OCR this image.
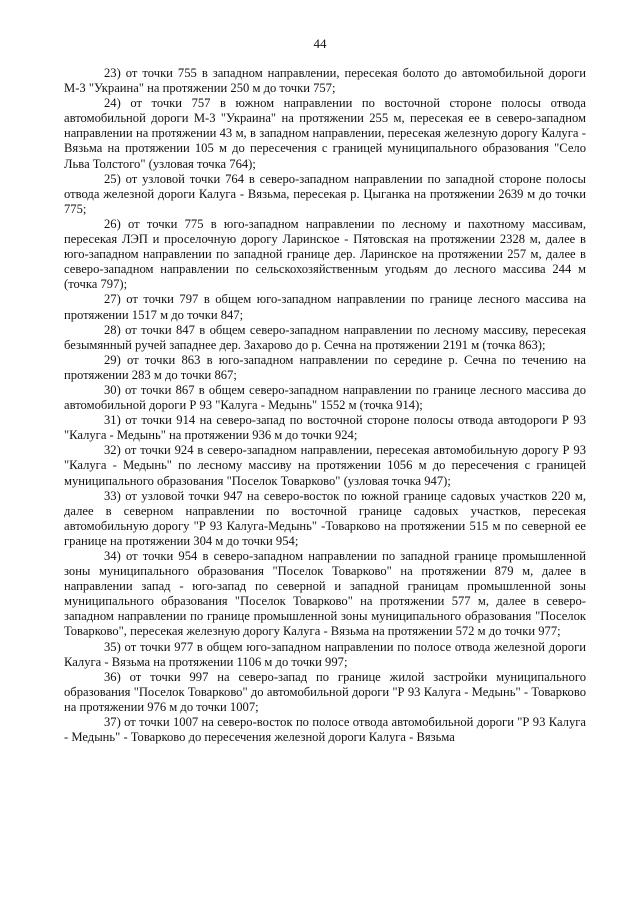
44

23) от точки 755 в западном направлении, пересекая болото до автомобильной дороги М-3 "Украина" на протяжении 250 м до точки 757;

24) от точки 757 в южном направлении по восточной стороне полосы отвода автомобильной дороги М-3 "Украина" на протяжении 255 м, пересекая ее в северо-западном направлении на протяжении 43 м, в западном направлении, пересекая железную дорогу Калуга - Вязьма на протяжении 105 м до пересечения с границей муниципального образования "Село Льва Толстого" (узловая точка 764);

25) от узловой точки 764 в северо-западном направлении по западной стороне полосы отвода железной дороги Калуга - Вязьма, пересекая р. Цыганка на протяжении 2639 м до точки 775;

26) от точки 775 в юго-западном направлении по лесному и пахотному массивам, пересекая ЛЭП и проселочную дорогу Ларинское - Пятовская на протяжении 2328 м, далее в юго-западном направлении по западной границе дер. Ларинское на протяжении 257 м, далее в северо-западном направлении по сельскохозяйственным угодьям до лесного массива 244 м (точка 797);

27) от точки 797 в общем юго-западном направлении по границе лесного массива на протяжении 1517 м до точки 847;

28) от точки 847 в общем северо-западном направлении по лесному массиву, пересекая безымянный ручей западнее дер. Захарово до р. Сечна на протяжении 2191 м (точка 863);

29) от точки 863 в юго-западном направлении по середине р. Сечна по течению на протяжении 283 м до точки 867;

30) от точки 867 в общем северо-западном направлении по границе лесного массива до автомобильной дороги Р 93 "Калуга - Медынь" 1552 м (точка 914);

31) от точки 914 на северо-запад по восточной стороне полосы отвода автодороги Р 93 "Калуга - Медынь" на протяжении 936 м до точки 924;

32) от точки 924 в северо-западном направлении, пересекая автомобильную дорогу Р 93 "Калуга - Медынь" по лесному массиву на протяжении 1056 м до пересечения с границей муниципального образования "Поселок Товарково" (узловая точка 947);

33) от узловой точки 947 на северо-восток по южной границе садовых участков 220 м, далее в северном направлении по восточной границе садовых участков, пересекая автомобильную дорогу "Р 93 Калуга-Медынь" -Товарково на протяжении 515 м по северной ее границе на протяжении 304 м до точки 954;

34) от точки 954 в северо-западном направлении по западной границе промышленной зоны муниципального образования "Поселок Товарково" на протяжении 879 м, далее в направлении запад - юго-запад по северной и западной границам промышленной зоны муниципального образования "Поселок Товарково" на протяжении 577 м, далее в северо-западном направлении по границе промышленной зоны муниципального образования "Поселок Товарково", пересекая железную дорогу Калуга - Вязьма на протяжении 572 м до точки 977;

35) от точки 977 в общем юго-западном направлении по полосе отвода железной дороги Калуга - Вязьма на протяжении 1106 м до точки 997;

36) от точки 997 на северо-запад по границе жилой застройки муниципального образования "Поселок Товарково" до автомобильной дороги "Р 93 Калуга - Медынь" - Товарково на протяжении 976 м до точки 1007;

37) от точки 1007 на северо-восток по полосе отвода автомобильной дороги "Р 93 Калуга - Медынь" - Товарково до пересечения железной дороги Калуга - Вязьма
